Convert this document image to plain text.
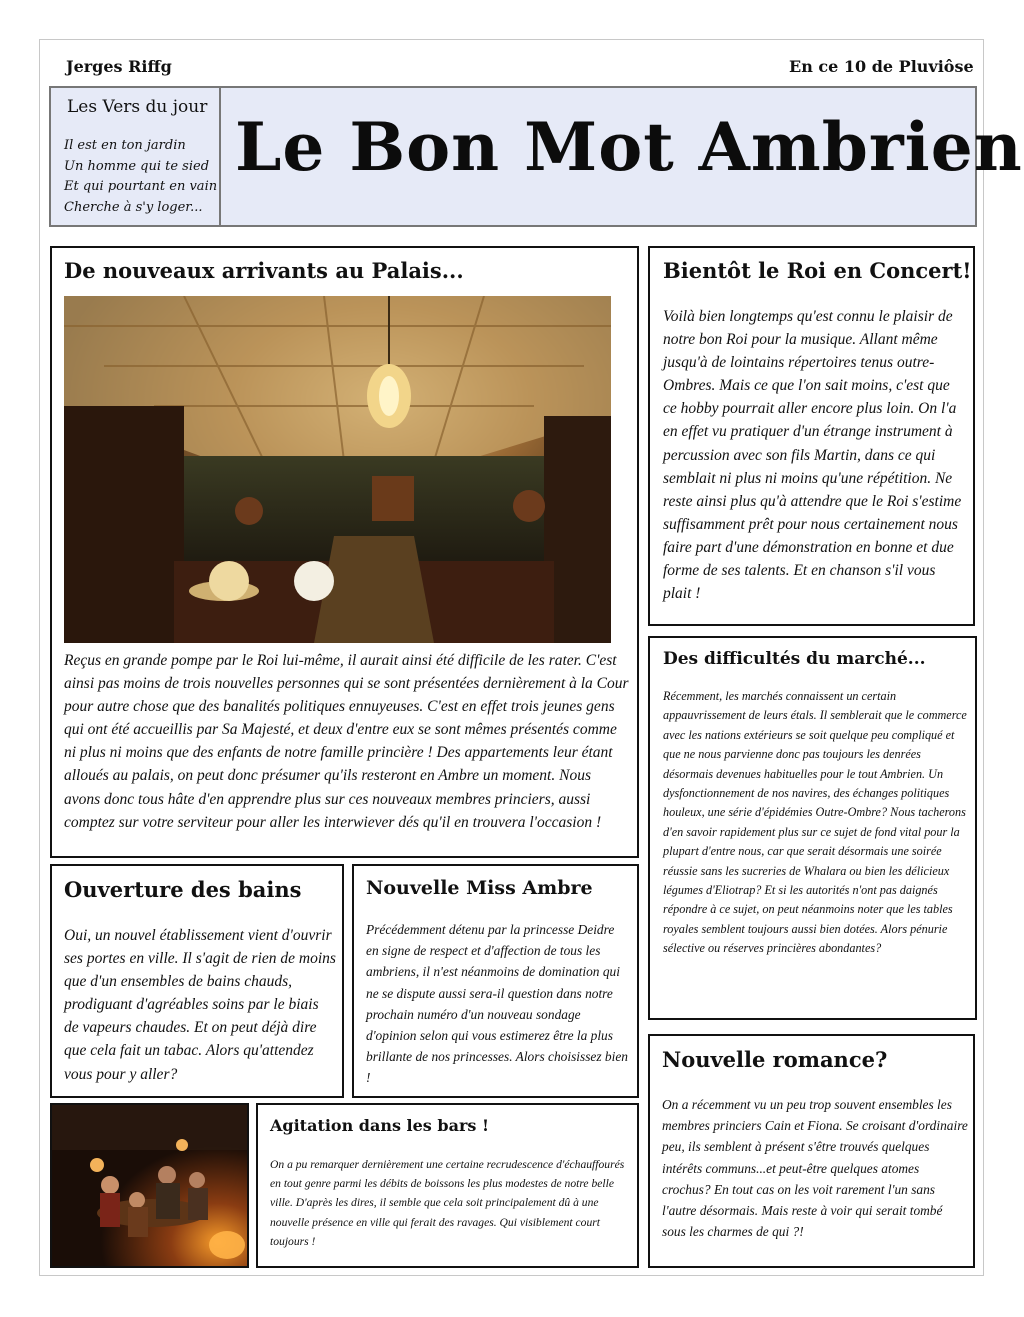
Jerges Riffg	En ce 10 de Pluviôse
Les Vers du jour
Il est en ton jardin
Un homme qui te sied
Et qui pourtant en vain
Cherche à s'y loger...
Le Bon Mot Ambrien
De nouveaux arrivants au Palais...
Reçus en grande pompe par le Roi lui-même, il aurait ainsi été difficile de les rater. C'est ainsi pas moins de trois nouvelles personnes qui se sont présentées dernièrement à la Cour pour autre chose que des banalités politiques ennuyeuses. C'est en effet trois jeunes gens qui ont été accueillis par Sa Majesté, et deux d'entre eux se sont mêmes présentés comme ni plus ni moins que des enfants de notre famille princière ! Des appartements leur étant alloués au palais, on peut donc présumer qu'ils resteront en Ambre un moment. Nous avons donc tous hâte d'en apprendre plus sur ces nouveaux membres princiers, aussi comptez sur votre serviteur pour aller les interwiever dés qu'il en trouvera l'occasion !
Bientôt le Roi en Concert!
Voilà bien longtemps qu'est connu le plaisir de notre bon Roi pour la musique. Allant même jusqu'à de lointains répertoires tenus outre-Ombres. Mais ce que l'on sait moins, c'est que ce hobby pourrait aller encore plus loin. On l'a en effet vu pratiquer d'un étrange instrument à percussion avec son fils Martin, dans ce qui semblait ni plus ni moins qu'une répétition. Ne reste ainsi plus qu'à attendre que le Roi s'estime suffisamment prêt pour nous certainement nous faire part d'une démonstration en bonne et due forme de ses talents. Et en chanson s'il vous plait !
Des difficultés du marché...
Récemment, les marchés connaissent un certain appauvrissement de leurs étals. Il semblerait que le commerce avec les nations extérieurs se soit quelque peu compliqué et que ne nous parvienne donc pas toujours les denrées désormais devenues habituelles pour le tout Ambrien. Un dysfonctionnement de nos navires, des échanges politiques houleux, une série d'épidémies Outre-Ombre? Nous tacherons d'en savoir rapidement plus sur ce sujet de fond vital pour la plupart d'entre nous, car que serait désormais une soirée réussie sans les sucreries de Whalara ou bien les délicieux légumes d'Eliotrap? Et si les autorités n'ont pas daignés répondre à ce sujet, on peut néanmoins noter que les tables royales semblent toujours aussi bien dotées. Alors pénurie sélective ou réserves princières abondantes?
Ouverture des bains
Oui, un nouvel établissement vient d'ouvrir ses portes en ville. Il s'agit de rien de moins que d'un ensembles de bains chauds, prodiguant d'agréables soins par le biais de vapeurs chaudes. Et on peut déjà dire que cela fait un tabac. Alors qu'attendez vous pour y aller?
Nouvelle Miss Ambre
Précédemment détenu par la princesse Deidre en signe de respect et d'affection de tous les ambriens, il n'est néanmoins de domination qui ne se dispute aussi sera-il question dans notre prochain numéro d'un nouveau sondage d'opinion selon qui vous estimerez être la plus brillante de nos princesses. Alors choisissez bien !
Nouvelle romance?
On a récemment vu un peu trop souvent ensembles les membres princiers Cain et Fiona. Se croisant d'ordinaire peu, ils semblent à présent s'être trouvés quelques intérêts communs...et peut-être quelques atomes crochus? En tout cas on les voit rarement l'un sans l'autre désormais. Mais reste à voir qui serait tombé sous les charmes de qui ?!
Agitation dans les bars !
On a pu remarquer dernièrement une certaine recrudescence d'échauffourés en tout genre parmi les débits de boissons les plus modestes de notre belle ville. D'après les dires, il semble que cela soit principalement dû à une nouvelle présence en ville qui ferait des ravages. Qui visiblement court toujours !
